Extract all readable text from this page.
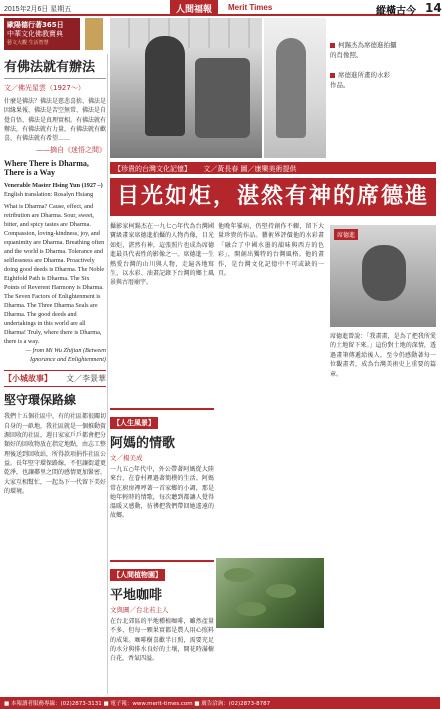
2015年2月6日 星期五	人間福報	Merit Times	縱橫古今 14
歐陽德行著365日
中華文化佛教寶典
藝文大觀 生活智慧	柯錫杰為席德進拍攝
的肖像照。
席德進所畫的水彩
作品。
【珍貴的台灣文化記憶】 文／黃長春 圖／康樂美術提供
目光如炬，湛然有神的席德進
有佛法就有辦法
文／佛光星雲（1927～）
什麼是佛法？佛法是慈悲喜捨、佛法是因緣果報、佛法是苦空無常、佛法是自覺自悟、佛法是真理實相。有佛法就有辦法，有佛法就有力量，有佛法就有歡喜，有佛法就有希望……
——摘自《迷悟之間》
Where There is Dharma, There is a Way
Venerable Master Hsing Yun (1927 –)
English translation: Rosalyn Hsiang
What is Dharma? Cause, effect, and retribution are Dharma. Sour, sweet, bitter, and spicy tastes are Dharma. Compassion, loving-kindness, joy, and equanimity are Dharma. Breathing often and the world is Dharma. Tolerance and selflessness are Dharma. Proactively doing good deeds is Dharma. The Noble Eightfold Path is Dharma. The Six Points of Reverent Harmony is Dharma. The Seven Factors of Enlightenment is Dharma. The Three Dharma Seals are Dharma. The good deeds and undertakings in this world are all Dharma! Truly, where there is Dharma, there is a way.
— from Mi Wu Zhijian (Between Ignorance and Enlightenment)
【小城故事】 文／李景華
堅守環保路線
我們十五個社區中，有的社區都很關切自身的一畝地，我社區就是一個推動資源回收的社區，週日家家戶戶都會把分類好的回收物放在指定地點，由志工整理後送到回收站，所得款項捐作社區公益。長年堅守環保路線，不但讓街道更乾淨，也讓鄰里之間的感情更加緊密，大家互相幫忙，一起為下一代留下美好的環境。
攝影家柯錫杰在一九七○年代為台灣國寶級畫家席德進拍攝的人物肖像，目光如炬，湛然有神，這張照片也成為席德進最具代表性的影像之一。席德進一生熱愛台灣的山川與人物，走遍各地寫生，以水彩、油畫記錄下台灣的鄉土風景與古厝廟宇。
他晚年罹病，仍堅持創作不輟，留下大量珍貴的作品。藝術界評價他的水彩畫「融合了中國水墨的韻味與西方的色彩」，開創出獨特的台灣風格。他的畫作，是台灣文化記憶中不可或缺的一頁。
席德進
席德進曾說：「我畫畫，是為了把我所愛的土地留下來。」這份對土地的深情，透過畫筆傳遞給後人，至今仍感動著每一位觀畫者，成為台灣美術史上重要的篇章。
【人生風景】
阿媽的情歌
文／楊美成
一九五○年代中，外公帶著阿媽從大陸來台，在眷村裡過著簡樸的生活。阿媽常在廚房裡哼著一首家鄉的小調，那是她年輕時的情歌，每次聽到都讓人覺得溫暖又感動，彷彿把我們帶回她遙遠的故鄉。
【人間植物園】
平地咖啡
文與圖／台北若主人
在台北郊區的平地種植咖啡，雖然產量不多，但每一顆果實都是農人用心照料的成果。咖啡樹喜歡半日照，需要充足的水分與排水良好的土壤，開花時滿樹白花，香氣四溢。
■ 本報讀者服務專線：(02)2873-3131 ■ 電子報：www.merit-times.com ■ 廣告洽詢：(02)2873-8787
